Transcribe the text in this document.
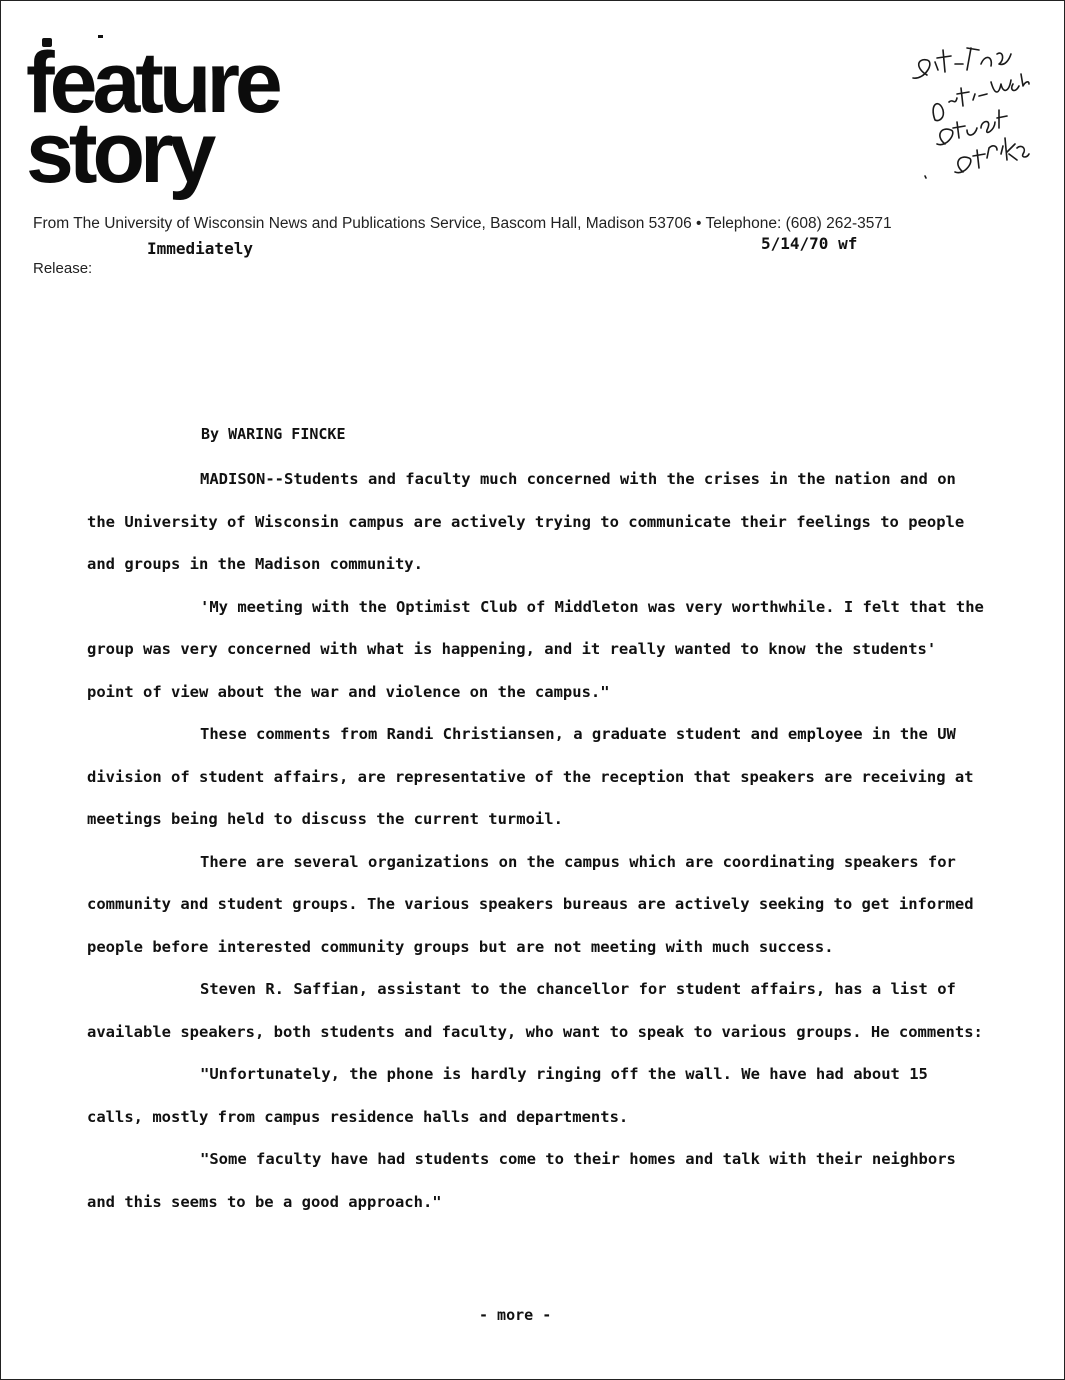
feature
story
From The University of Wisconsin News and Publications Service, Bascom Hall, Madison 53706 • Telephone: (608) 262-3571
Immediately	5/14/70 wf
Release:
By WARING FINCKE

MADISON--Students and faculty much concerned with the crises in the nation and on the University of Wisconsin campus are actively trying to communicate their feelings to people and groups in the Madison community.

'My meeting with the Optimist Club of Middleton was very worthwhile. I felt that the group was very concerned with what is happening, and it really wanted to know the students' point of view about the war and violence on the campus."

These comments from Randi Christiansen, a graduate student and employee in the UW division of student affairs, are representative of the reception that speakers are receiving at meetings being held to discuss the current turmoil.

There are several organizations on the campus which are coordinating speakers for community and student groups. The various speakers bureaus are actively seeking to get informed people before interested community groups but are not meeting with much success.

Steven R. Saffian, assistant to the chancellor for student affairs, has a list of available speakers, both students and faculty, who want to speak to various groups. He comments:

"Unfortunately, the phone is hardly ringing off the wall. We have had about 15 calls, mostly from campus residence halls and departments.

"Some faculty have had students come to their homes and talk with their neighbors and this seems to be a good approach."

- more -
